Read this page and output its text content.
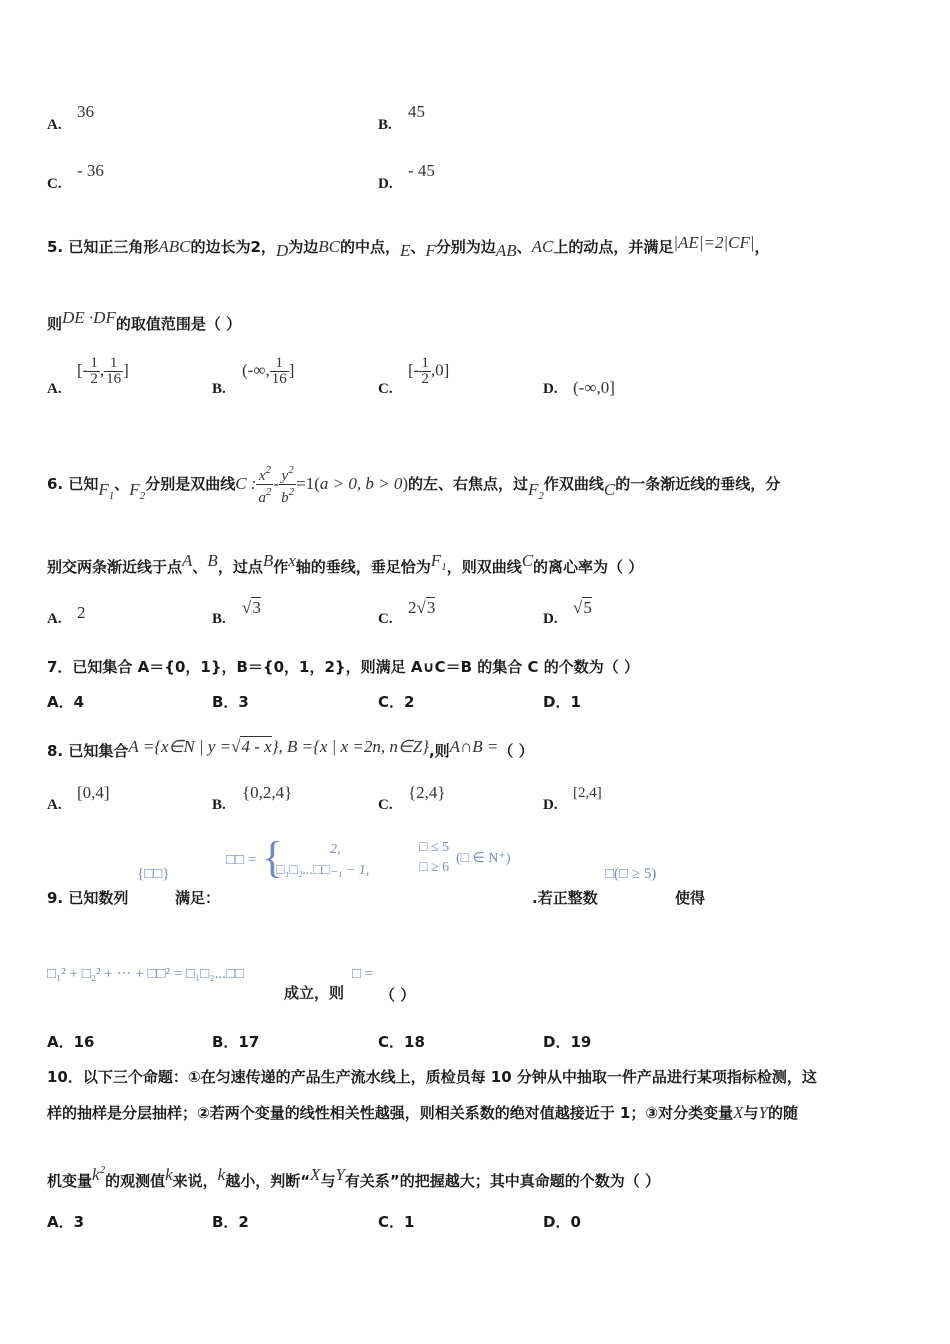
A.
36
B.
45
C.
- 36
D.
- 45
5. 已知正三角形ABC的边长为2，D为边BC的中点，E、F分别为边AB、AC上的动点，并满足|AE|=2|CF|，
则DE ·DF的取值范围是（ ）
A.
[- $\frac{1}{2}$ , $\frac{1}{16}$ ]
B.
(-∞, $\frac{1}{16}$ ]
C.
[- $\frac{1}{2} ,0$]
D. (-∞,0]
6. 已知$F_1$、$F_2$分别是双曲线C : $\frac{x^2}{a^2} - \frac{y^2}{b^2} =1(a > 0$, b > 0)的左、右焦点，过$F_2$作双曲线C的一条渐近线的垂线，分
别交两条渐近线于点A、B，过点B作x轴的垂线，垂足恰为$F_1$，则双曲线C的离心率为（ ）
A. 2	B.
√3
C.
2√3
D.
√5
7．已知集合 A＝{0，1}，B＝{0，1，2}，则满足 A∪C＝B 的集合 C 的个数为（ ）
A．4	B．3	C．2	D．1
8. 已知集合A ={x∈N | y =√4 - x}, B ={x | x =2n, n∈Z},则A∩B =（ ）
A.
[0,4]
B.
{0,2,4}
C.
{2,4}
D.
[2,4]
9. 已知数列
{□□}
满足：
□□ = {	2,
□₁□₂...□□₋₁ − 1,
□ ≤ 5
□ ≥ 6
(□ ∈ N⁺)
.若正整数
□(□ ≥ 5)
使得
□₁² + □₂² + ··· + □□² = □₁□₂...□□
成立，则
□ =
（ ）
A．16	B．17	C．18	D．19
10．以下三个命题：①在匀速传递的产品生产流水线上，质检员每 10 分钟从中抽取一件产品进行某项指标检测，这
样的抽样是分层抽样；②若两个变量的线性相关性越强，则相关系数的绝对值越接近于 1；③对分类变量X与Y的随
机变量$k^2$的观测值k来说，k越小，判断“X与Y有关系”的把握越大；其中真命题的个数为（ ）
A．3	B．2	C．1	D．0
